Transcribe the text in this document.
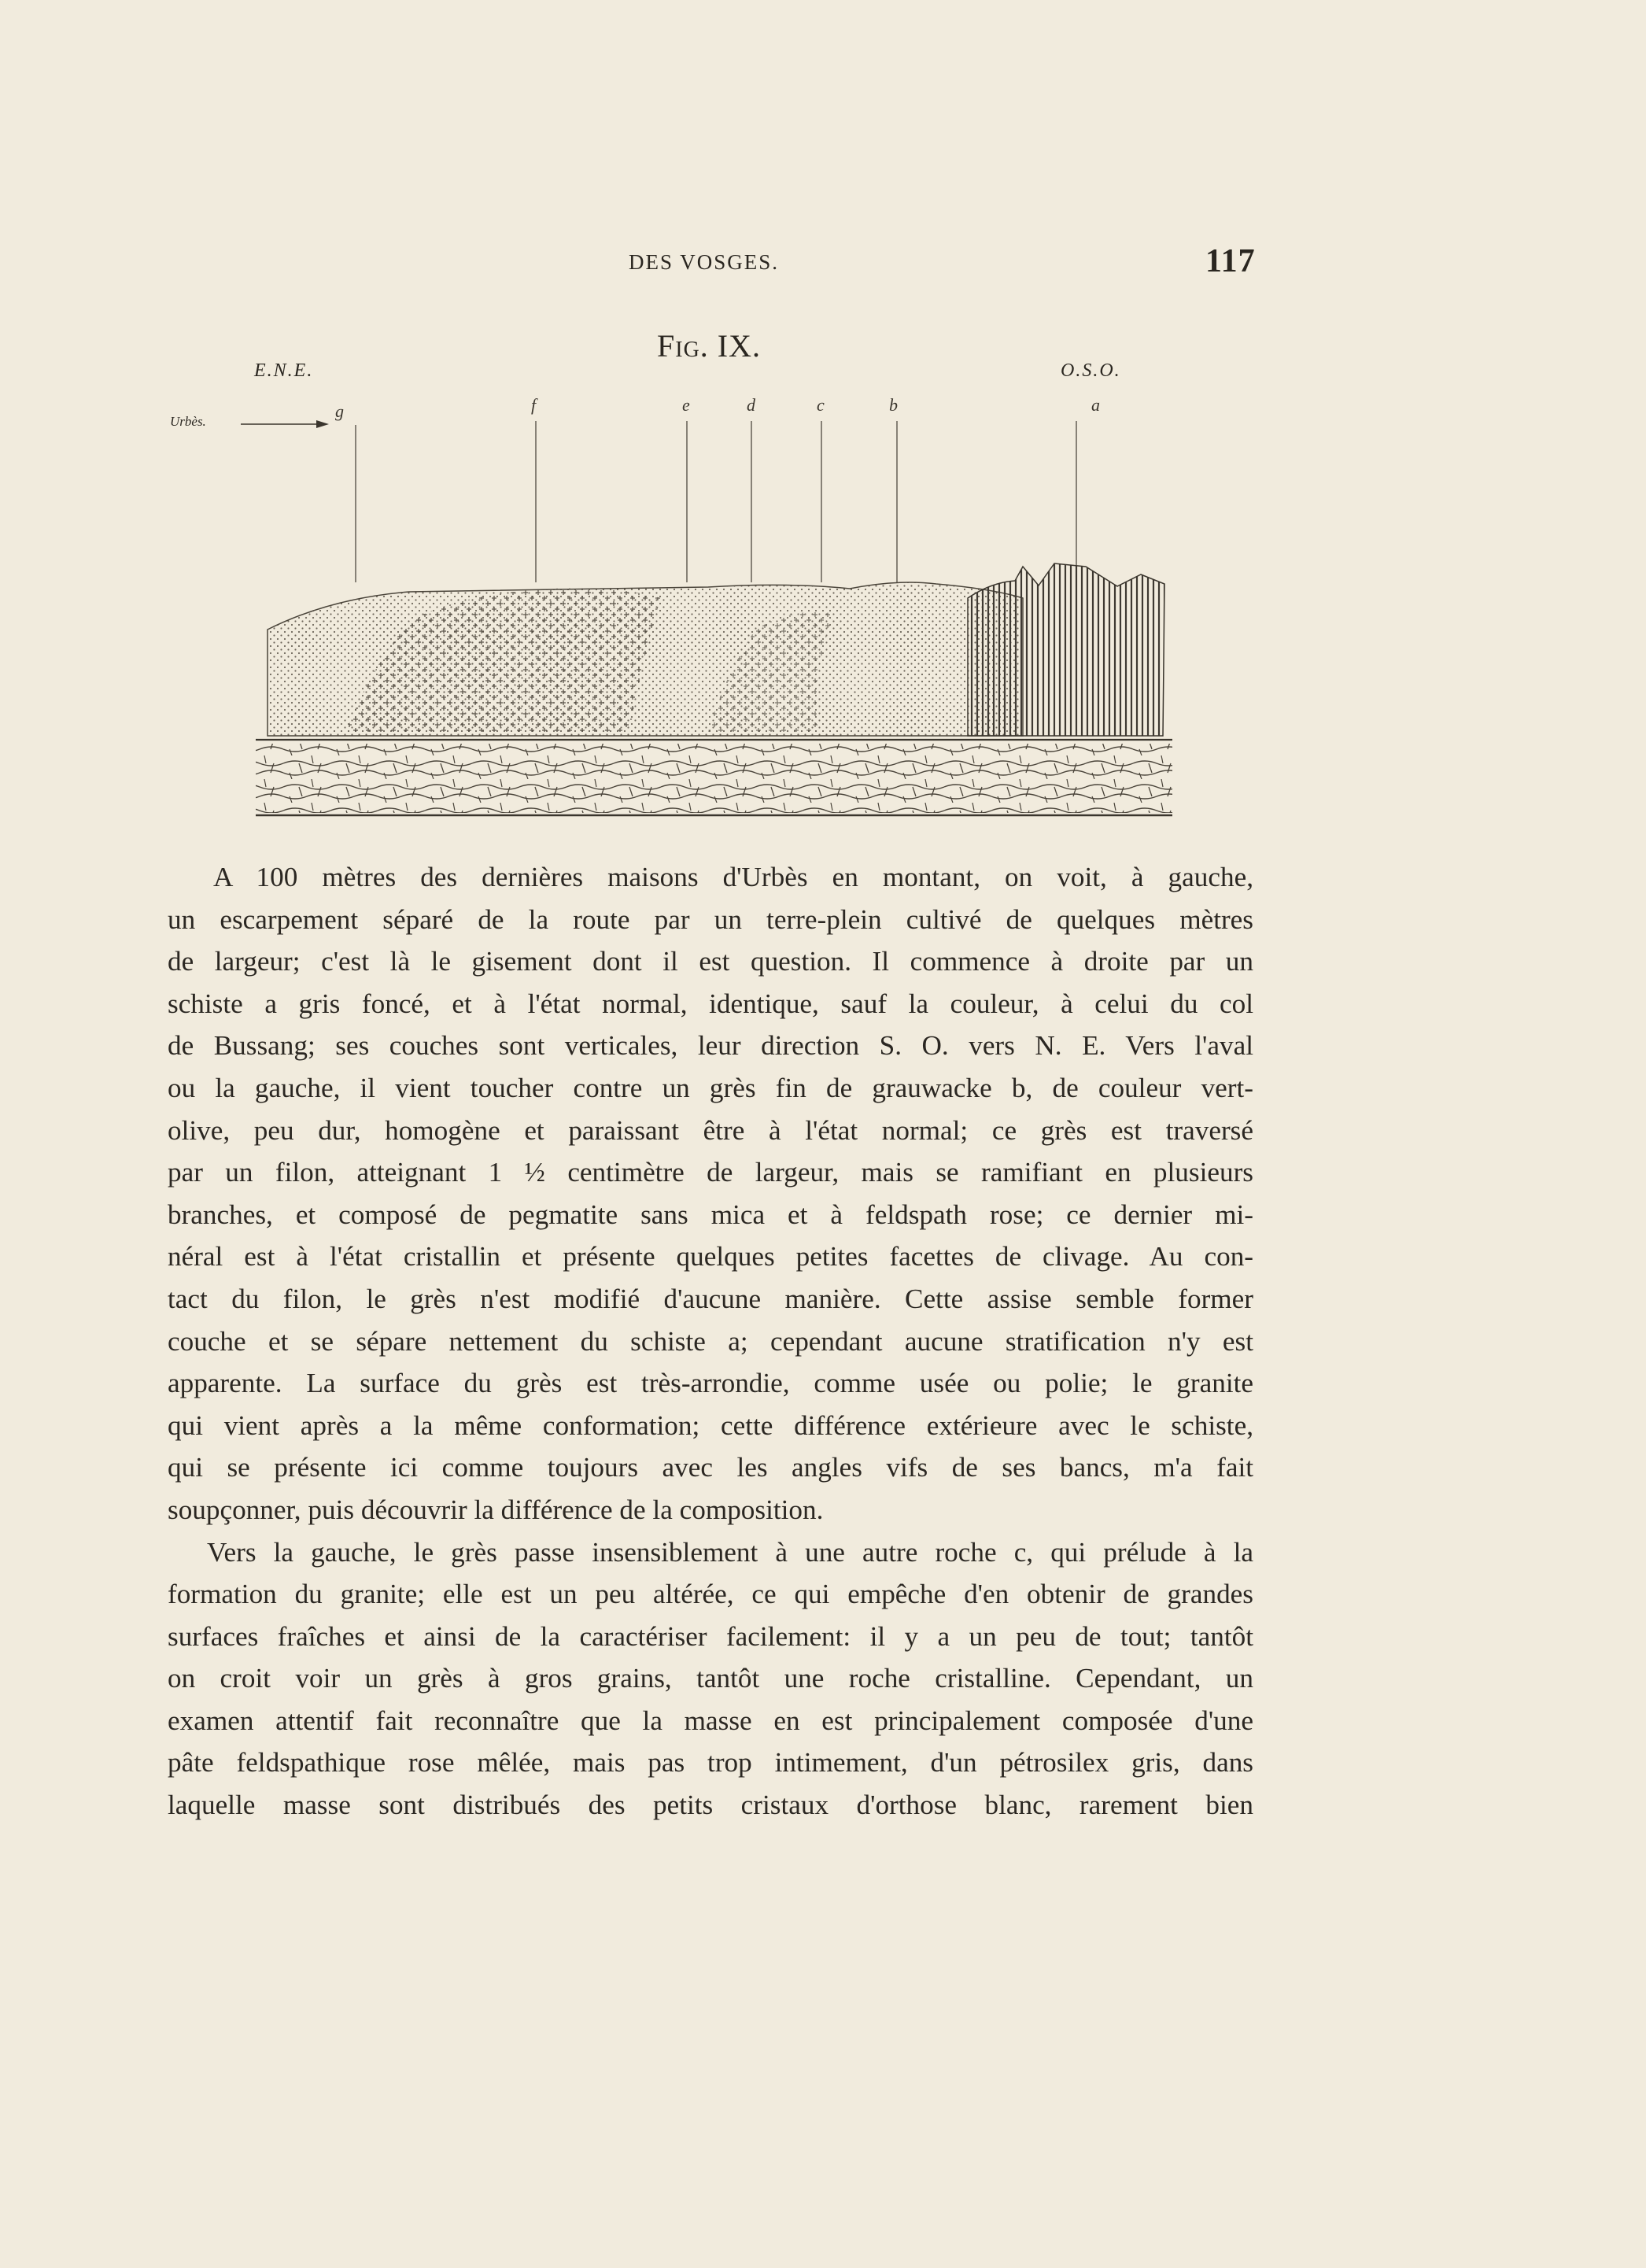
DES VOSGES.	117
Fig. IX.
E.N.E.	O.S.O.
Urbès.
g	f	e	d	c	b	a
A 100 mètres des dernières maisons d'Urbès en montant, on voit, à gauche,
un escarpement séparé de la route par un terre-plein cultivé de quelques mètres
de largeur; c'est là le gisement dont il est question. Il commence à droite par un
schiste a gris foncé, et à l'état normal, identique, sauf la couleur, à celui du col
de Bussang; ses couches sont verticales, leur direction S. O. vers N. E. Vers l'aval
ou la gauche, il vient toucher contre un grès fin de grauwacke b, de couleur vert-
olive, peu dur, homogène et paraissant être à l'état normal; ce grès est traversé
par un filon, atteignant 1 ½ centimètre de largeur, mais se ramifiant en plusieurs
branches, et composé de pegmatite sans mica et à feldspath rose; ce dernier mi-
néral est à l'état cristallin et présente quelques petites facettes de clivage. Au con-
tact du filon, le grès n'est modifié d'aucune manière. Cette assise semble former
couche et se sépare nettement du schiste a; cependant aucune stratification n'y est
apparente. La surface du grès est très-arrondie, comme usée ou polie; le granite
qui vient après a la même conformation; cette différence extérieure avec le schiste,
qui se présente ici comme toujours avec les angles vifs de ses bancs, m'a fait
soupçonner, puis découvrir la différence de la composition.
Vers la gauche, le grès passe insensiblement à une autre roche c, qui prélude à la
formation du granite; elle est un peu altérée, ce qui empêche d'en obtenir de grandes
surfaces fraîches et ainsi de la caractériser facilement: il y a un peu de tout; tantôt
on croit voir un grès à gros grains, tantôt une roche cristalline. Cependant, un
examen attentif fait reconnaître que la masse en est principalement composée d'une
pâte feldspathique rose mêlée, mais pas trop intimement, d'un pétrosilex gris, dans
laquelle masse sont distribués des petits cristaux d'orthose blanc, rarement bien
